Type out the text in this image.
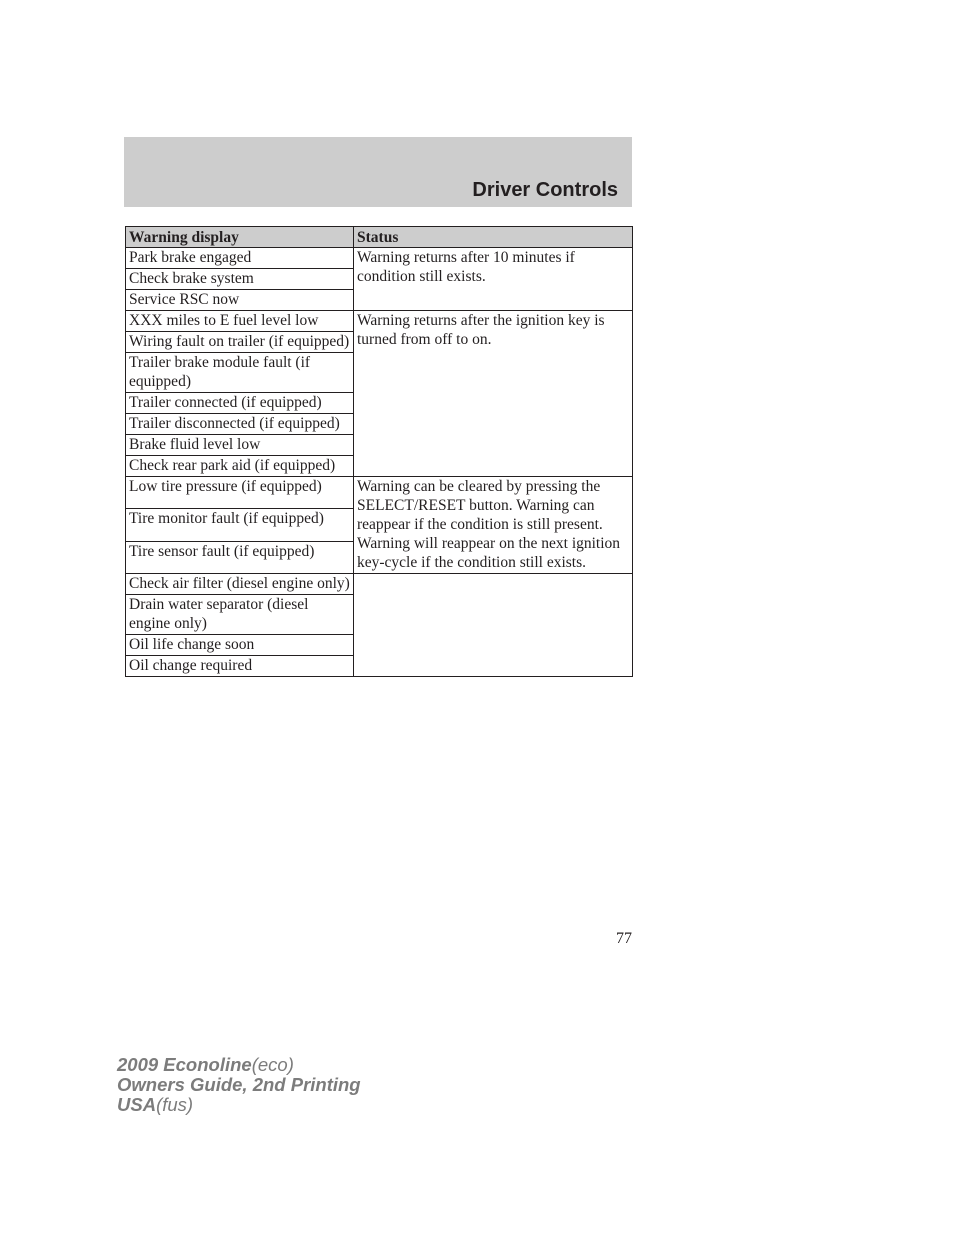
Driver Controls
Warning display	Status
Park brake engaged	Warning returns after 10 minutes if condition still exists.
Check brake system	
Service RSC now	
XXX miles to E fuel level low	Warning returns after the ignition key is turned from off to on.
Wiring fault on trailer (if equipped)	
Trailer brake module fault (if equipped)	
Trailer connected (if equipped)	
Trailer disconnected (if equipped)	
Brake fluid level low	
Check rear park aid (if equipped)	
Low tire pressure (if equipped)	Warning can be cleared by pressing the SELECT/RESET button. Warning can reappear if the condition is still present. Warning will reappear on the next ignition key-cycle if the condition still exists.
Tire monitor fault (if equipped)	
Tire sensor fault (if equipped)	
Check air filter (diesel engine only)	
Drain water separator (diesel engine only)	
Oil life change soon	
Oil change required	
77
2009 Econoline(eco)
Owners Guide, 2nd Printing
USA(fus)
